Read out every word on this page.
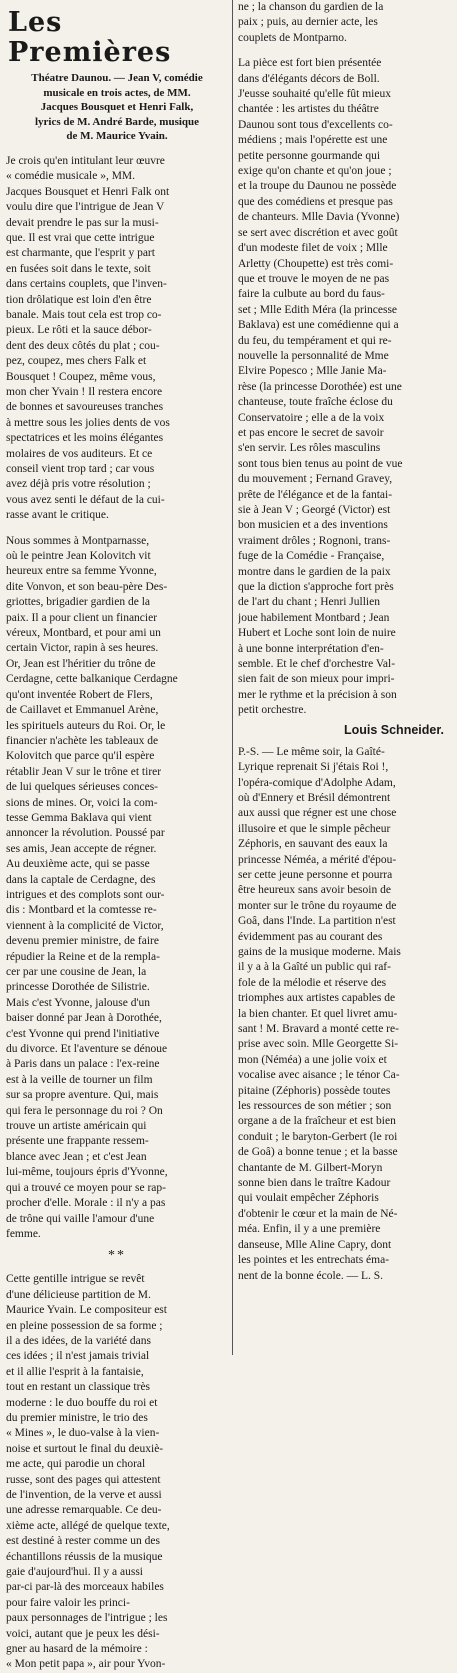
Les Premières
Théatre Daunou. — Jean V, comédie
musicale en trois actes, de MM.
Jacques Bousquet et Henri Falk,
lyrics de M. André Barde, musique
de M. Maurice Yvain.
Je crois qu'en intitulant leur œuvre
« comédie musicale », MM.
Jacques Bousquet et Henri Falk ont
voulu dire que l'intrigue de Jean V
devait prendre le pas sur la musi-
que. Il est vrai que cette intrigue
est charmante, que l'esprit y part
en fusées soit dans le texte, soit
dans certains couplets, que l'inven-
tion drôlatique est loin d'en être
banale. Mais tout cela est trop co-
pieux. Le rôti et la sauce débor-
dent des deux côtés du plat ; cou-
pez, coupez, mes chers Falk et
Bousquet ! Coupez, même vous,
mon cher Yvain ! Il restera encore
de bonnes et savoureuses tranches
à mettre sous les jolies dents de vos
spectatrices et les moins élégantes
molaires de vos auditeurs. Et ce
conseil vient trop tard ; car vous
avez déjà pris votre résolution ;
vous avez senti le défaut de la cui-
rasse avant le critique.
Nous sommes à Montparnasse,
où le peintre Jean Kolovitch vit
heureux entre sa femme Yvonne,
dite Vonvon, et son beau-père Des-
griottes, brigadier gardien de la
paix. Il a pour client un financier
véreux, Montbard, et pour ami un
certain Victor, rapin à ses heures.
Or, Jean est l'héritier du trône de
Cerdagne, cette balkanique Cerdagne
qu'ont inventée Robert de Flers,
de Caillavet et Emmanuel Arène,
les spirituels auteurs du Roi. Or, le
financier n'achète les tableaux de
Kolovitch que parce qu'il espère
rétablir Jean V sur le trône et tirer
de lui quelques sérieuses conces-
sions de mines. Or, voici la com-
tesse Gemma Baklava qui vient
annoncer la révolution. Poussé par
ses amis, Jean accepte de régner.
Au deuxième acte, qui se passe
dans la captale de Cerdagne, des
intrigues et des complots sont our-
dis : Montbard et la comtesse re-
viennent à la complicité de Victor,
devenu premier ministre, de faire
répudier la Reine et de la rempla-
cer par une cousine de Jean, la
princesse Dorothée de Silistrie.
Mais c'est Yvonne, jalouse d'un
baiser donné par Jean à Dorothée,
c'est Yvonne qui prend l'initiative
du divorce. Et l'aventure se dénoue
à Paris dans un palace : l'ex-reine
est à la veille de tourner un film
sur sa propre aventure. Qui, mais
qui fera le personnage du roi ? On
trouve un artiste américain qui
présente une frappante ressem-
blance avec Jean ; et c'est Jean
lui-même, toujours épris d'Yvonne,
qui a trouvé ce moyen pour se rap-
procher d'elle. Morale : il n'y a pas
de trône qui vaille l'amour d'une
femme.
**
Cette gentille intrigue se revêt
d'une délicieuse partition de M.
Maurice Yvain. Le compositeur est
en pleine possession de sa forme ;
il a des idées, de la variété dans
ces idées ; il n'est jamais trivial
et il allie l'esprit à la fantaisie,
tout en restant un classique très
moderne : le duo bouffe du roi et
du premier ministre, le trio des
« Mines », le duo-valse à la vien-
noise et surtout le final du deuxiè-
me acte, qui parodie un choral
russe, sont des pages qui attestent
de l'invention, de la verve et aussi
une adresse remarquable. Ce deu-
xième acte, allégé de quelque texte,
est destiné à rester comme un des
échantillons réussis de la musique
gaie d'aujourd'hui. Il y a aussi
par-ci par-là des morceaux habiles
pour faire valoir les princi-
paux personnages de l'intrigue ; les
voici, autant que je peux les dési-
gner au hasard de la mémoire :
« Mon petit papa », air pour Yvon-
ne ; la chanson du gardien de la
paix ; puis, au dernier acte, les
couplets de Montparno.
La pièce est fort bien présentée
dans d'élégants décors de Boll.
J'eusse souhaité qu'elle fût mieux
chantée : les artistes du théâtre
Daunou sont tous d'excellents co-
médiens ; mais l'opérette est une
petite personne gourmande qui
exige qu'on chante et qu'on joue ;
et la troupe du Daunou ne possède
que des comédiens et presque pas
de chanteurs. Mlle Davia (Yvonne)
se sert avec discrétion et avec goût
d'un modeste filet de voix ; Mlle
Arletty (Choupette) est très comi-
que et trouve le moyen de ne pas
faire la culbute au bord du faus-
set ; Mlle Edith Méra (la princesse
Baklava) est une comédienne qui a
du feu, du tempérament et qui re-
nouvelle la personnalité de Mme
Elvire Popesco ; Mlle Janie Ma-
rèse (la princesse Dorothée) est une
chanteuse, toute fraîche éclose du
Conservatoire ; elle a de la voix
et pas encore le secret de savoir
s'en servir. Les rôles masculins
sont tous bien tenus au point de vue
du mouvement ; Fernand Gravey,
prête de l'élégance et de la fantai-
sie à Jean V ; Georgé (Victor) est
bon musicien et a des inventions
vraiment drôles ; Rognoni, trans-
fuge de la Comédie - Française,
montre dans le gardien de la paix
que la diction s'approche fort près
de l'art du chant ; Henri Jullien
joue habilement Montbard ; Jean
Hubert et Loche sont loin de nuire
à une bonne interprétation d'en-
semble. Et le chef d'orchestre Val-
sien fait de son mieux pour impri-
mer le rythme et la précision à son
petit orchestre.
Louis Schneider.
P.-S. — Le même soir, la Gaîté-
Lyrique reprenait Si j'étais Roi !,
l'opéra-comique d'Adolphe Adam,
où d'Ennery et Brésil démontrent
aux aussi que régner est une chose
illusoire et que le simple pêcheur
Zéphoris, en sauvant des eaux la
princesse Néméa, a mérité d'épou-
ser cette jeune personne et pourra
être heureux sans avoir besoin de
monter sur le trône du royaume de
Goâ, dans l'Inde. La partition n'est
évidemment pas au courant des
gains de la musique moderne. Mais
il y a à la Gaîté un public qui raf-
fole de la mélodie et réserve des
triomphes aux artistes capables de
la bien chanter. Et quel livret amu-
sant ! M. Bravard a monté cette re-
prise avec soin. Mlle Georgette Si-
mon (Néméa) a une jolie voix et
vocalise avec aisance ; le ténor Ca-
pitaine (Zéphoris) possède toutes
les ressources de son métier ; son
organe a de la fraîcheur et est bien
conduit ; le baryton-Gerbert (le roi
de Goâ) a bonne tenue ; et la basse
chantante de M. Gilbert-Moryn
sonne bien dans le traître Kadour
qui voulait empêcher Zéphoris
d'obtenir le cœur et la main de Né-
méa. Enfin, il y a une première
danseuse, Mlle Aline Capry, dont
les pointes et les entrechats éma-
nent de la bonne école. — L. S.
